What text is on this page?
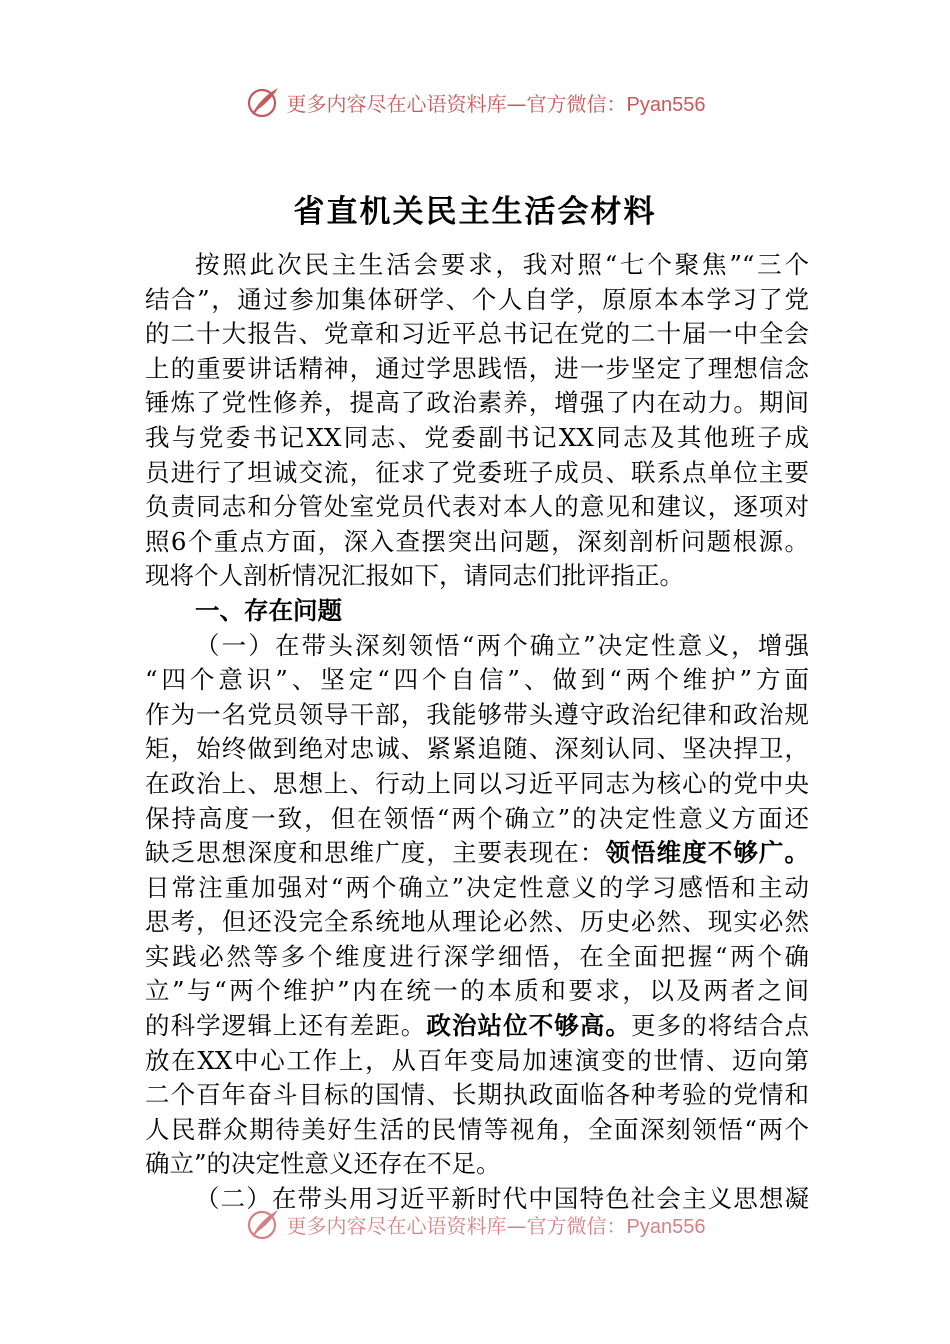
更多内容尽在心语资料库—官方微信：Pyan556
省直机关民主生活会材料
按照此次民主生活会要求，我对照“七个聚焦”“三个
结合”，通过参加集体研学、个人自学，原原本本学习了党
的二十大报告、党章和习近平总书记在党的二十届一中全会
上的重要讲话精神，通过学思践悟，进一步坚定了理想信念
锤炼了党性修养，提高了政治素养，增强了内在动力。期间
我与党委书记XX同志、党委副书记XX同志及其他班子成
员进行了坦诚交流，征求了党委班子成员、联系点单位主要
负责同志和分管处室党员代表对本人的意见和建议，逐项对
照6个重点方面，深入查摆突出问题，深刻剖析问题根源。
现将个人剖析情况汇报如下，请同志们批评指正。
一、存在问题
（一）在带头深刻领悟“两个确立”决定性意义，增强
“四个意识”、坚定“四个自信”、做到“两个维护”方面
作为一名党员领导干部，我能够带头遵守政治纪律和政治规
矩，始终做到绝对忠诚、紧紧追随、深刻认同、坚决捍卫，
在政治上、思想上、行动上同以习近平同志为核心的党中央
保持高度一致，但在领悟“两个确立”的决定性意义方面还
缺乏思想深度和思维广度，主要表现在：领悟维度不够广。
日常注重加强对“两个确立”决定性意义的学习感悟和主动
思考，但还没完全系统地从理论必然、历史必然、现实必然
实践必然等多个维度进行深学细悟，在全面把握“两个确
立”与“两个维护”内在统一的本质和要求，以及两者之间
的科学逻辑上还有差距。政治站位不够高。更多的将结合点
放在XX中心工作上，从百年变局加速演变的世情、迈向第
二个百年奋斗目标的国情、长期执政面临各种考验的党情和
人民群众期待美好生活的民情等视角，全面深刻领悟“两个
确立”的决定性意义还存在不足。
（二）在带头用习近平新时代中国特色社会主义思想凝
更多内容尽在心语资料库—官方微信：Pyan556
